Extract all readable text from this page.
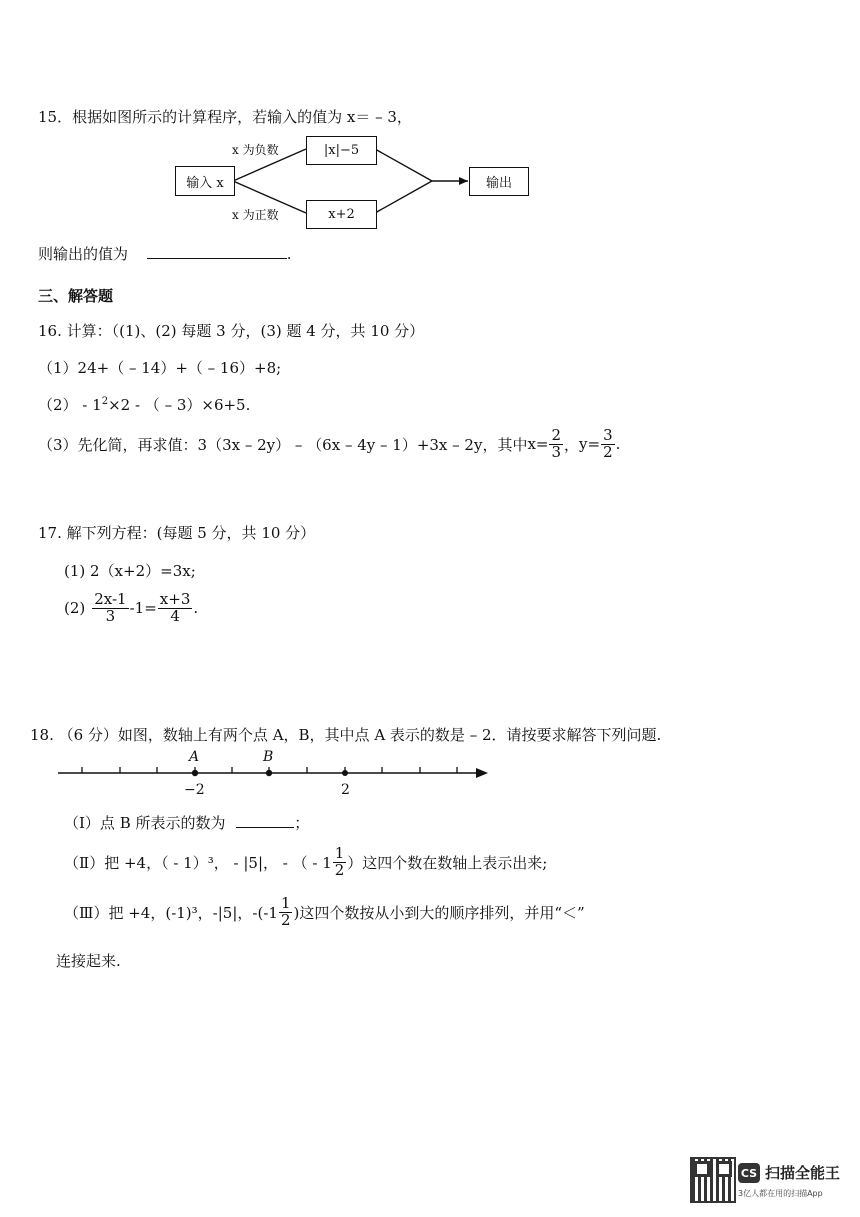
15．根据如图所示的计算程序，若输入的值为 x＝ – 3，
输入 x
x 为负数
x 为正数
|x|−5
x+2
输出
则输出的值为	.
三、解答题
16. 计算：（(1)、(2) 每题 3 分，(3) 题 4 分，共 10 分）
（1）24+（ – 14）+（ – 16）+8;
$(2) - 1^2\times 2$ - （ – 3）×6+5.
（3）先化简，再求值：3（3x – 2y） – （6x – 4y – 1）+3x – 2y，其中 $x= \frac{2}{3}$ ， $y= \frac{3}{2}$ .
17. 解下列方程：(每题 5 分，共 10 分）
(1) 2（x+2）=3x;
$(2) \frac{2x-1}{3} -1= \frac{x+3}{4}$ .
18. （6 分）如图，数轴上有两个点 A，B，其中点 A 表示的数是 – 2．请按要求解答下列问题.
A	B
−2	2
（Ⅰ）点 B 所表示的数为	；
（Ⅱ）把 +4，（ - 1）³， - |5|， - （ - $1 \frac{1}{2}$ ）这四个数在数轴上表示出来;
（Ⅲ）把 +4，(-1)³，-|5|，$-(-1 \frac{1}{2}$ )这四个数按从小到大的顺序排列，并用“＜”
连接起来.
CS 扫描全能王
3亿人都在用的扫描App
